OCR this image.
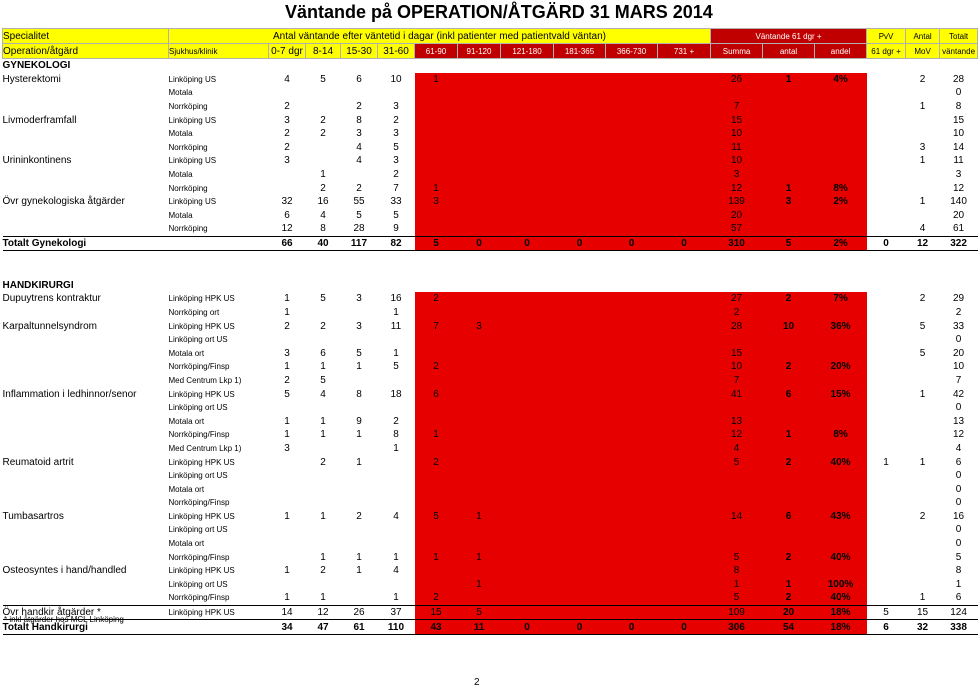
Väntande på OPERATION/ÅTGÄRD 31 MARS 2014
Specialitet	Antal väntande efter väntetid i dagar (inkl patienter med patientvald väntan)											Väntande 61 dgr +			PvV	Antal	Totalt
Operation/åtgärd	Sjukhus/klinik	0-7 dgr	8-14	15-30	31-60	61-90	91-120	121-180	181-365	366-730	731 +	Summa	antal	andel	61 dgr +	MoV	väntande
GYNEKOLOGI																	
Hysterektomi	Linköping US	4	5	6	10	1						26	1	4%		2	28
	Motala																0
	Norrköping	2		2	3							7				1	8
Livmoderframfall	Linköping US	3	2	8	2							15					15
	Motala	2	2	3	3							10					10
	Norrköping	2		4	5							11				3	14
Urininkontinens	Linköping US	3		4	3							10				1	11
	Motala		1		2							3					3
	Norrköping		2	2	7	1						12	1	8%			12
Övr gynekologiska åtgärder	Linköping US	32	16	55	33	3						139	3	2%		1	140
	Motala	6	4	5	5							20					20
	Norrköping	12	8	28	9							57				4	61
Totalt Gynekologi		66	40	117	82	5	0	0	0	0	0	310	5	2%	0	12	322

HANDKIRURGI																	
Dupuytrens kontraktur	Linköping HPK US	1	5	3	16	2						27	2	7%		2	29
	Norrköping ort	1			1							2					2
Karpaltunnelsyndrom	Linköping HPK US	2	2	3	11	7	3					28	10	36%		5	33
	Linköping ort US																0
	Motala ort	3	6	5	1							15				5	20
	Norrköping/Finsp	1	1	1	5	2						10	2	20%			10
	Med Centrum Lkp 1)	2	5									7					7
Inflammation i ledhinnor/senor	Linköping HPK US	5	4	8	18	6						41	6	15%		1	42
	Linköping ort US																0
	Motala ort	1	1	9	2							13					13
	Norrköping/Finsp	1	1	1	8	1						12	1	8%			12
	Med Centrum Lkp 1)	3			1							4					4
Reumatoid artrit	Linköping HPK US		2	1		2						5	2	40%	1	1	6
	Linköping ort US																0
	Motala ort																0
	Norrköping/Finsp																0
Tumbasartros	Linköping HPK US	1	1	2	4	5	1					14	6	43%		2	16
	Linköping ort US																0
	Motala ort																0
	Norrköping/Finsp		1	1	1	1	1					5	2	40%			5
Osteosyntes i hand/handled	Linköping HPK US	1	2	1	4							8					8
	Linköping ort US						1					1	1	100%			1
	Norrköping/Finsp	1	1		1	2						5	2	40%		1	6
Övr handkir åtgärder *	Linköping HPK US	14	12	26	37	15	5					109	20	18%	5	15	124
Totalt Handkirurgi		34	47	61	110	43	11	0	0	0	0	306	54	18%	6	32	338
* inkl åtgärder hos MCL Linköping
2
